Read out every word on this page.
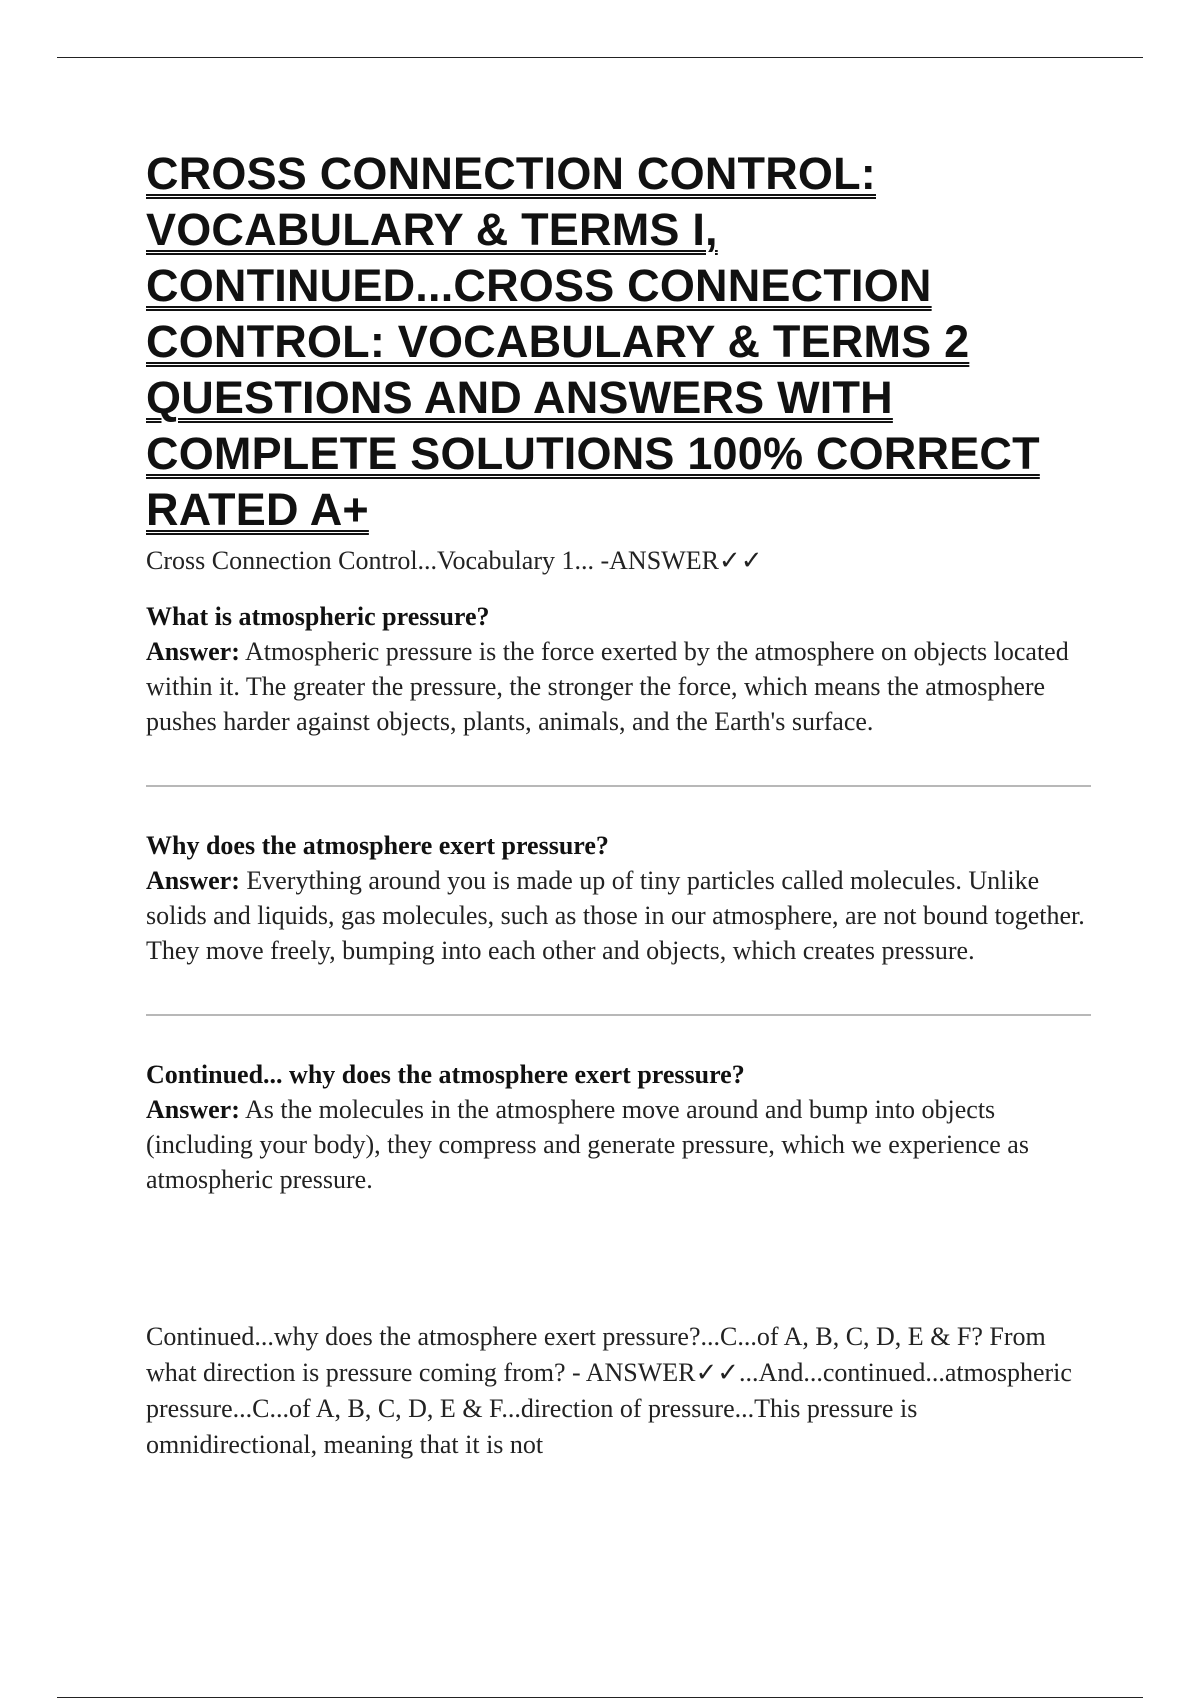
CROSS CONNECTION CONTROL: VOCABULARY & TERMS I, CONTINUED...CROSS CONNECTION CONTROL: VOCABULARY & TERMS 2 QUESTIONS AND ANSWERS WITH COMPLETE SOLUTIONS 100% CORRECT RATED A+

Cross Connection Control...Vocabulary 1... -ANSWER✓✓

What is atmospheric pressure?

Answer: Atmospheric pressure is the force exerted by the atmosphere on objects located within it. The greater the pressure, the stronger the force, which means the atmosphere pushes harder against objects, plants, animals, and the Earth's surface.

Why does the atmosphere exert pressure?

Answer: Everything around you is made up of tiny particles called molecules. Unlike solids and liquids, gas molecules, such as those in our atmosphere, are not bound together. They move freely, bumping into each other and objects, which creates pressure.

Continued... why does the atmosphere exert pressure?

Answer: As the molecules in the atmosphere move around and bump into objects (including your body), they compress and generate pressure, which we experience as atmospheric pressure.

Continued...why does the atmosphere exert pressure?...C...of A, B, C, D, E & F? From what direction is pressure coming from? - ANSWER✓✓...And...continued...atmospheric pressure...C...of A, B, C, D, E & F...direction of pressure...This pressure is omnidirectional, meaning that it is not
